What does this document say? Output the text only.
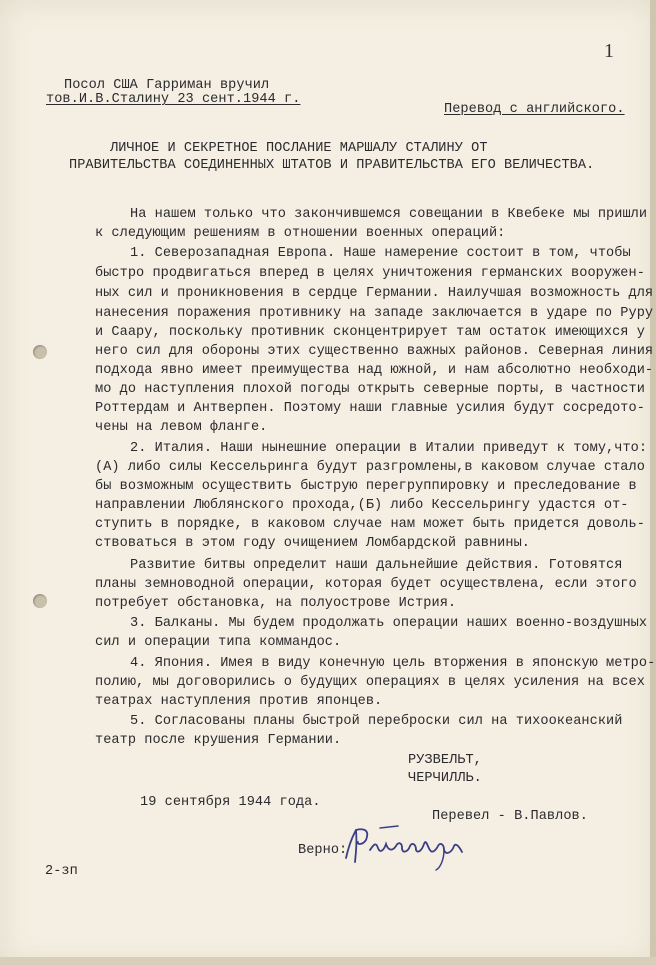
1
Посол США Гарриман вручил
тов.И.В.Сталину 23 сент.1944 г.
Перевод с английского.
ЛИЧНОЕ И СЕКРЕТНОЕ ПОСЛАНИЕ МАРШАЛУ СТАЛИНУ ОТ
ПРАВИТЕЛЬСТВА СОЕДИНЕННЫХ ШТАТОВ И ПРАВИТЕЛЬСТВА ЕГО ВЕЛИЧЕСТВА.
На нашем только что закончившемся совещании в Квебеке мы пришли
к следующим решениям в отношении военных операций:
1. Северозападная Европа. Наше намерение состоит в том, чтобы
быстро продвигаться вперед в целях уничтожения германских вооружен-
ных сил и проникновения в сердце Германии. Наилучшая возможность для
нанесения поражения противнику на западе заключается в ударе по Руру
и Саару, поскольку противник сконцентрирует там остаток имеющихся у
него сил для обороны этих существенно важных районов. Северная линия
подхода явно имеет преимущества над южной, и нам абсолютно необходи-
мо до наступления плохой погоды открыть северные порты, в частности
Роттердам и Антверпен. Поэтому наши главные усилия будут сосредото-
чены на левом фланге.
2. Италия. Наши нынешние операции в Италии приведут к тому,что:
(А) либо силы Кессельринга будут разгромлены,в каковом случае стало
бы возможным осуществить быструю перегруппировку и преследование в
направлении Люблянского прохода,(Б) либо Кессельрингу удастся от-
ступить в порядке, в каковом случае нам может быть придется доволь-
ствоваться в этом году очищением Ломбардской равнины.
Развитие битвы определит наши дальнейшие действия. Готовятся
планы земноводной операции, которая будет осуществлена, если этого
потребует обстановка, на полуострове Истрия.
3. Балканы. Мы будем продолжать операции наших военно-воздушных
сил и операции типа коммандос.
4. Япония. Имея в виду конечную цель вторжения в японскую метро-
полию, мы договорились о будущих операциях в целях усиления на всех
театрах наступления против японцев.
5. Согласованы планы быстрой переброски сил на тихоокеанский
театр после крушения Германии.
РУЗВЕЛЬТ,
ЧЕРЧИЛЛЬ.
19 сентября 1944 года.
Перевел - В.Павлов.
Верно:
2-зп
